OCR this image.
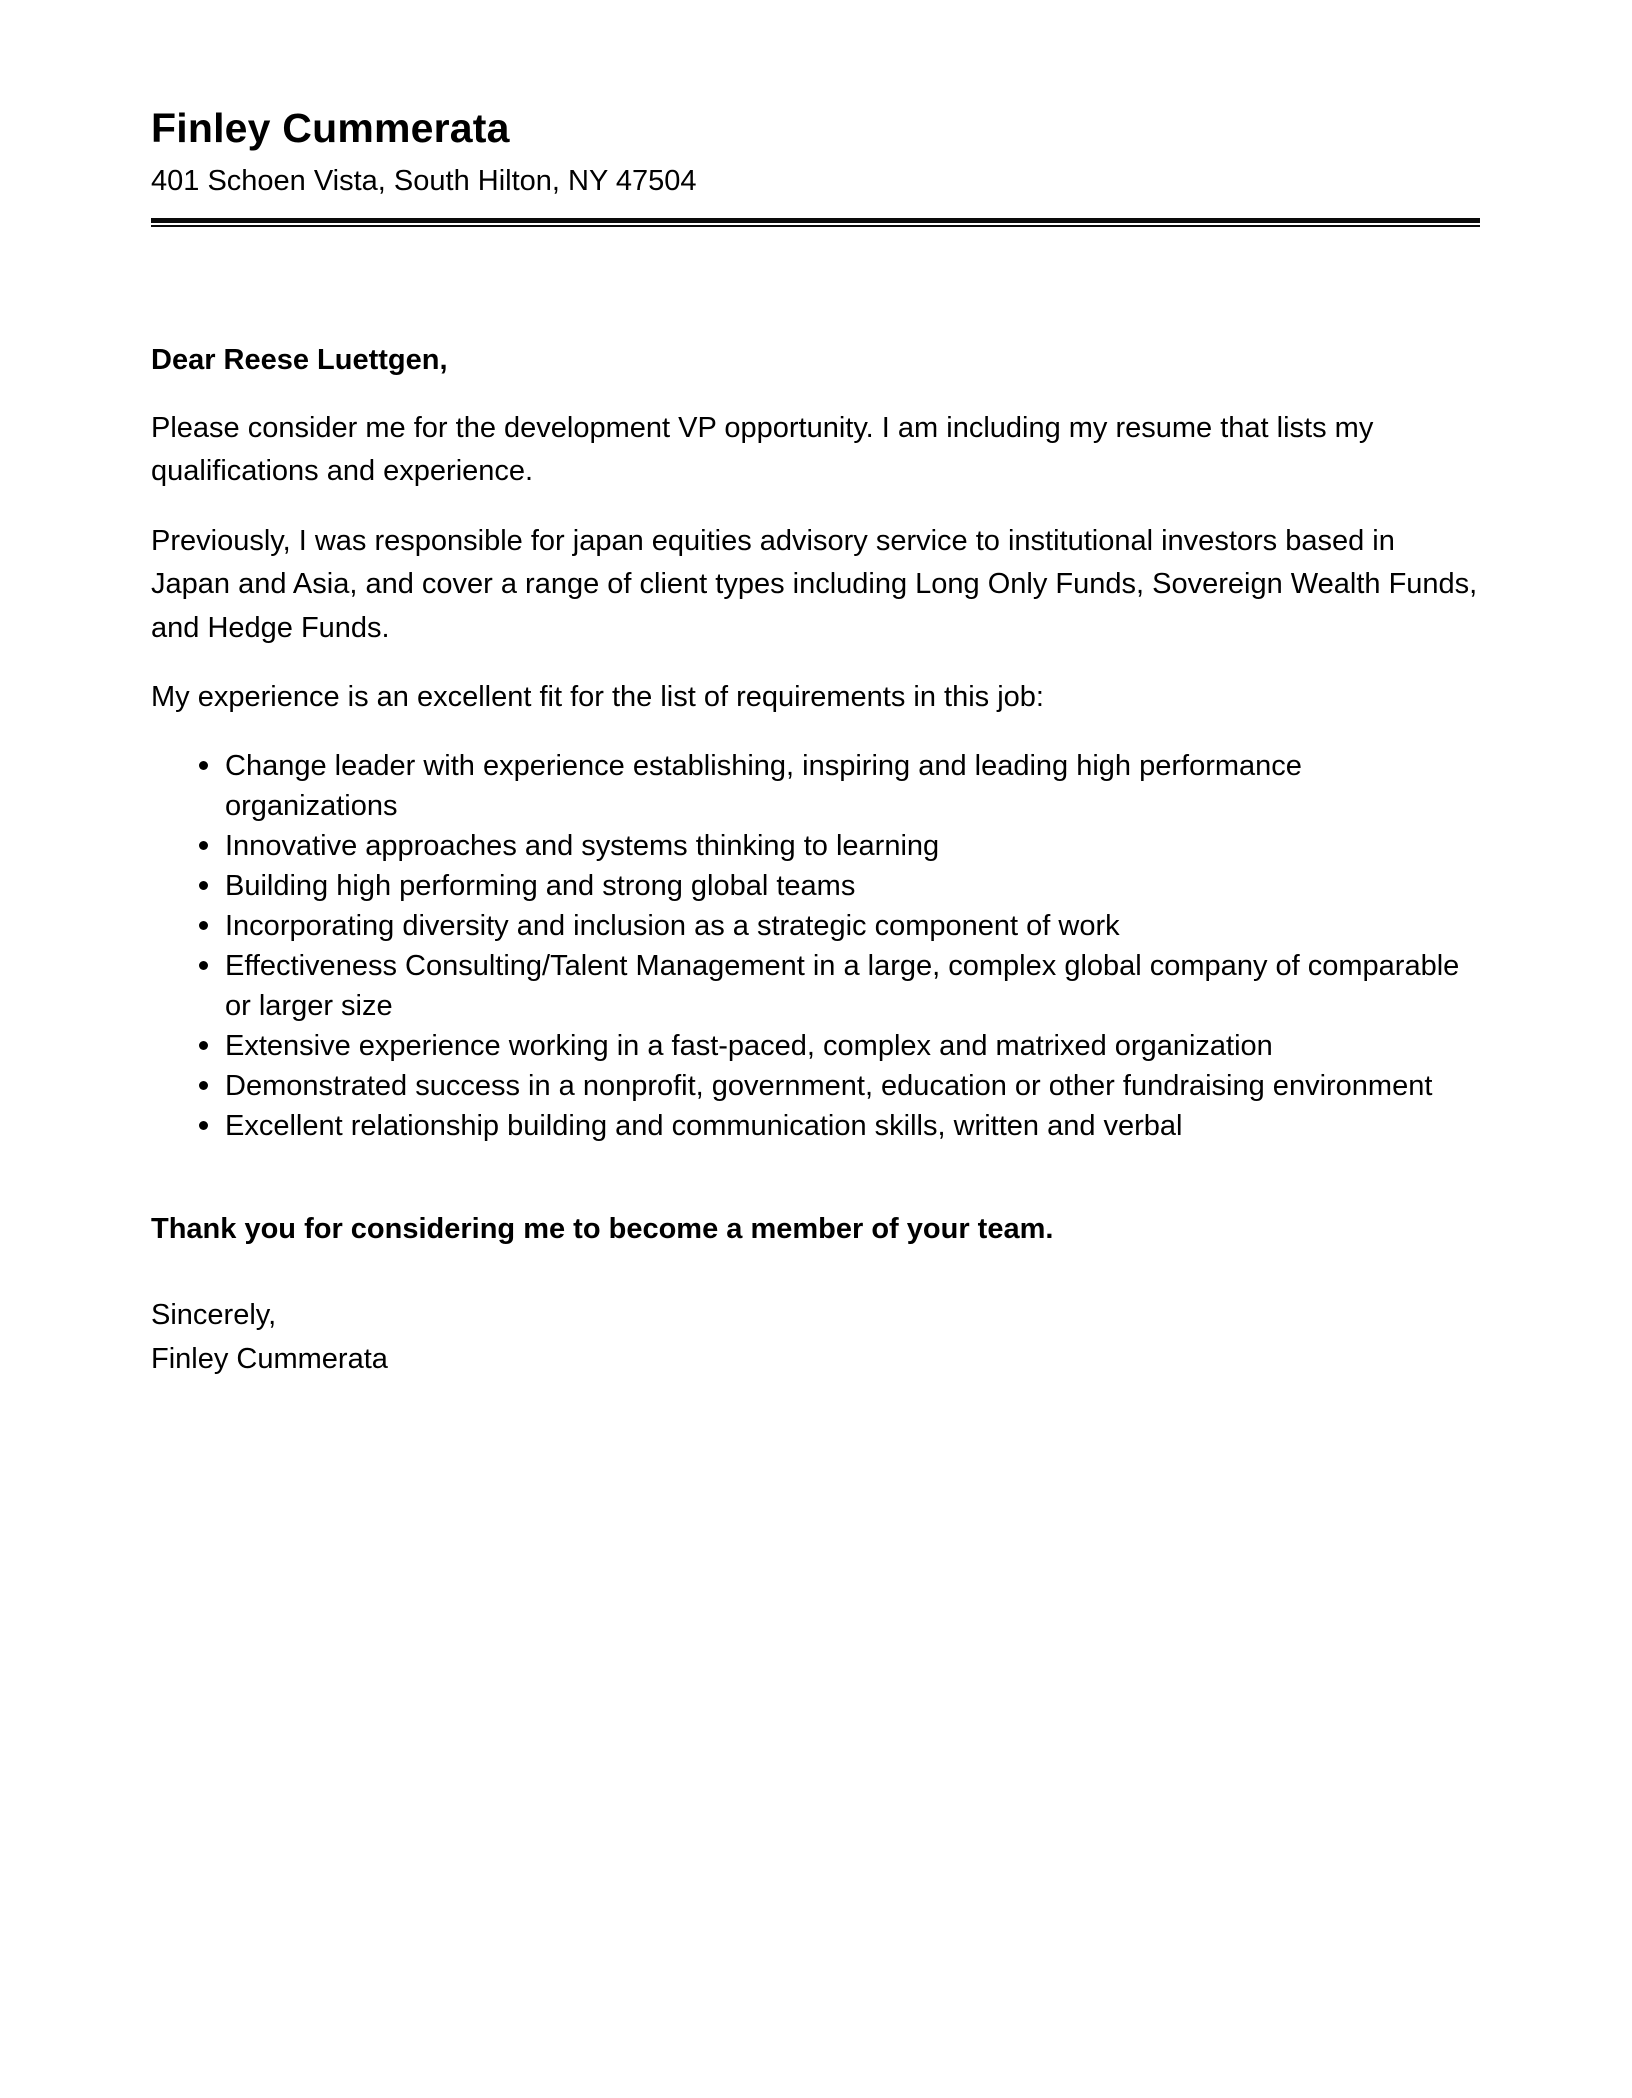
Finley Cummerata
401 Schoen Vista, South Hilton, NY 47504
Dear Reese Luettgen,
Please consider me for the development VP opportunity. I am including my resume that lists my qualifications and experience.
Previously, I was responsible for japan equities advisory service to institutional investors based in Japan and Asia, and cover a range of client types including Long Only Funds, Sovereign Wealth Funds, and Hedge Funds.
My experience is an excellent fit for the list of requirements in this job:
Change leader with experience establishing, inspiring and leading high performance organizations
Innovative approaches and systems thinking to learning
Building high performing and strong global teams
Incorporating diversity and inclusion as a strategic component of work
Effectiveness Consulting/Talent Management in a large, complex global company of comparable or larger size
Extensive experience working in a fast-paced, complex and matrixed organization
Demonstrated success in a nonprofit, government, education or other fundraising environment
Excellent relationship building and communication skills, written and verbal
Thank you for considering me to become a member of your team.
Sincerely,
Finley Cummerata
